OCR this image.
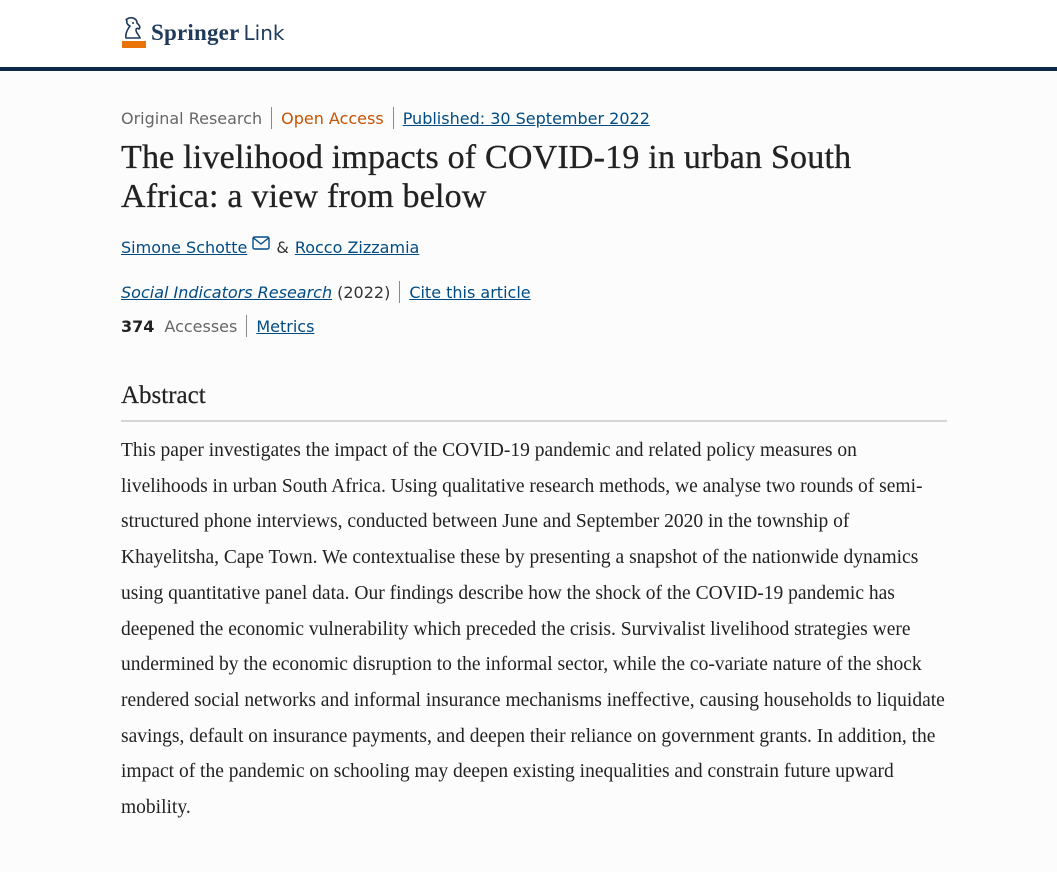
Springer Link
Original Research Open Access Published: 30 September 2022
The livelihood impacts of COVID-19 in urban South Africa: a view from below
Simone Schotte & Rocco Zizzamia
Social Indicators Research (2022) Cite this article
374 Accesses Metrics
Abstract

This paper investigates the impact of the COVID-19 pandemic and related policy measures on livelihoods in urban South Africa. Using qualitative research methods, we analyse two rounds of semi-structured phone interviews, conducted between June and September 2020 in the township of Khayelitsha, Cape Town. We contextualise these by presenting a snapshot of the nationwide dynamics using quantitative panel data. Our findings describe how the shock of the COVID-19 pandemic has deepened the economic vulnerability which preceded the crisis. Survivalist livelihood strategies were undermined by the economic disruption to the informal sector, while the co-variate nature of the shock rendered social networks and informal insurance mechanisms ineffective, causing households to liquidate savings, default on insurance payments, and deepen their reliance on government grants. In addition, the impact of the pandemic on schooling may deepen existing inequalities and constrain future upward mobility.
